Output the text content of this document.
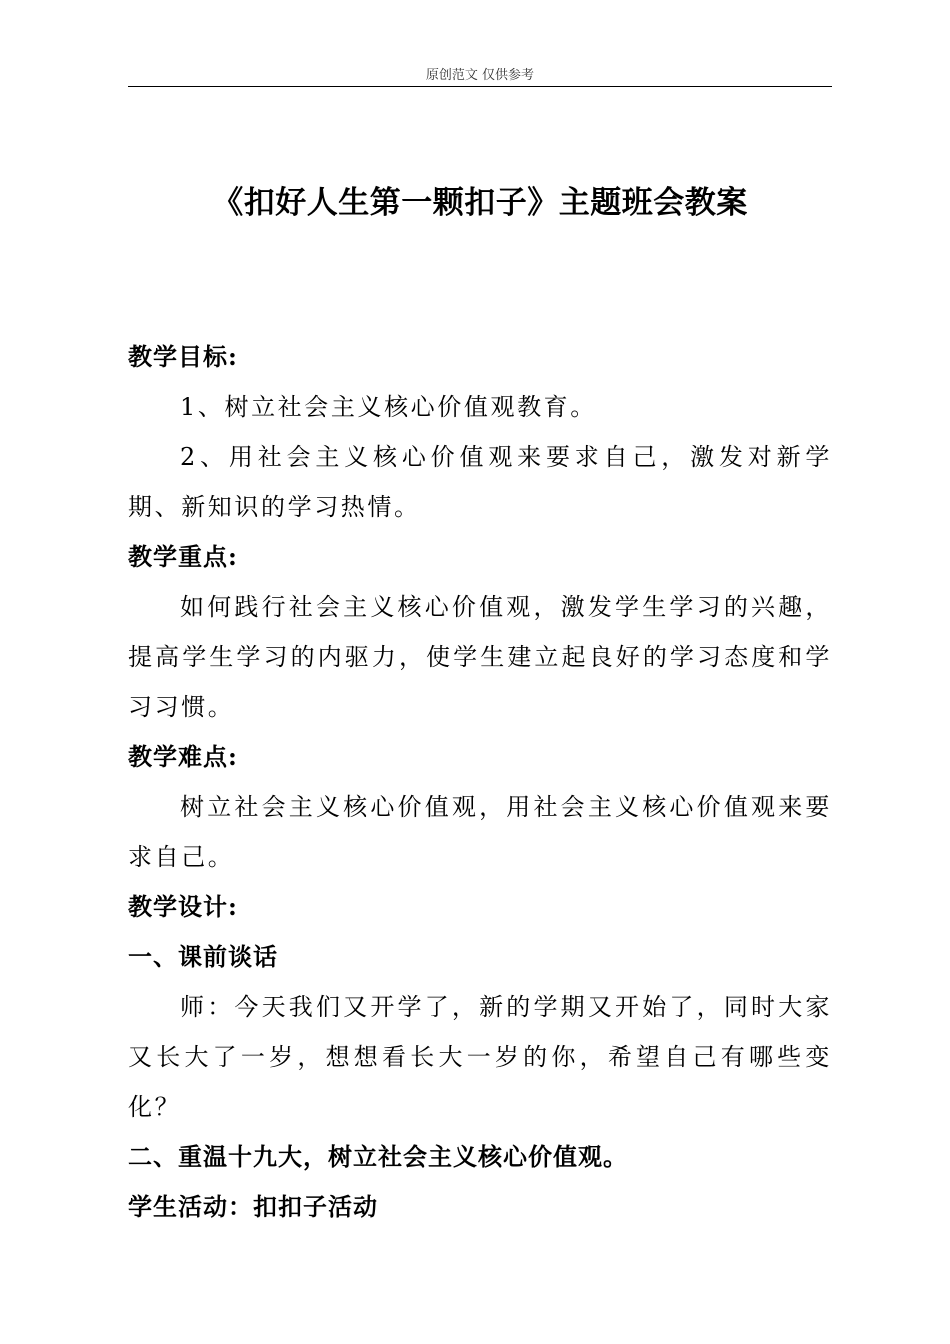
原创范文 仅供参考
《扣好人生第一颗扣子》主题班会教案

教学目标:

1、树立社会主义核心价值观教育。

2、用社会主义核心价值观来要求自己，激发对新学期、新知识的学习热情。

教学重点:

如何践行社会主义核心价值观，激发学生学习的兴趣，提高学生学习的内驱力，使学生建立起良好的学习态度和学习习惯。

教学难点:

树立社会主义核心价值观，用社会主义核心价值观来要求自己。

教学设计:

一、课前谈话

师：今天我们又开学了，新的学期又开始了，同时大家又长大了一岁，想想看长大一岁的你，希望自己有哪些变化？

二、重温十九大，树立社会主义核心价值观。

学生活动：扣扣子活动
